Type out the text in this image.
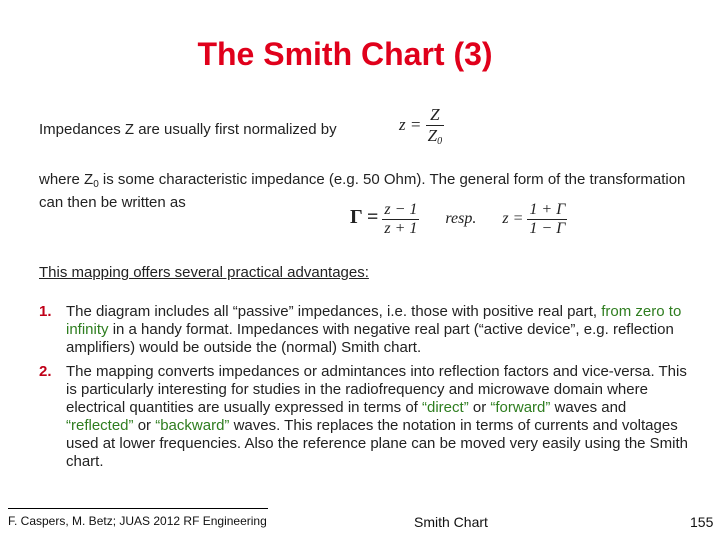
The Smith Chart (3)
Impedances Z are usually first normalized by	$z = \frac{Z}{Z_0}$
where $Z_0$ is some characteristic impedance (e.g. 50 Ohm). The general form of the transformation can then be written as
$\Gamma = \frac{z - 1}{z + 1}$ resp. $z = \frac{1 + \Gamma}{1 - \Gamma}$
This mapping offers several practical advantages:
1. The diagram includes all “passive” impedances, i.e. those with positive real part, from zero to infinity in a handy format. Impedances with negative real part (“active device”, e.g. reflection amplifiers) would be outside the (normal) Smith chart.
2. The mapping converts impedances or admintances into reflection factors and vice-versa. This is particularly interesting for studies in the radiofrequency and microwave domain where electrical quantities are usually expressed in terms of “direct” or “forward” waves and “reflected” or “backward” waves. This replaces the notation in terms of currents and voltages used at lower frequencies. Also the reference plane can be moved very easily using the Smith chart.
F. Caspers, M. Betz; JUAS 2012 RF Engineering	Smith Chart	155
